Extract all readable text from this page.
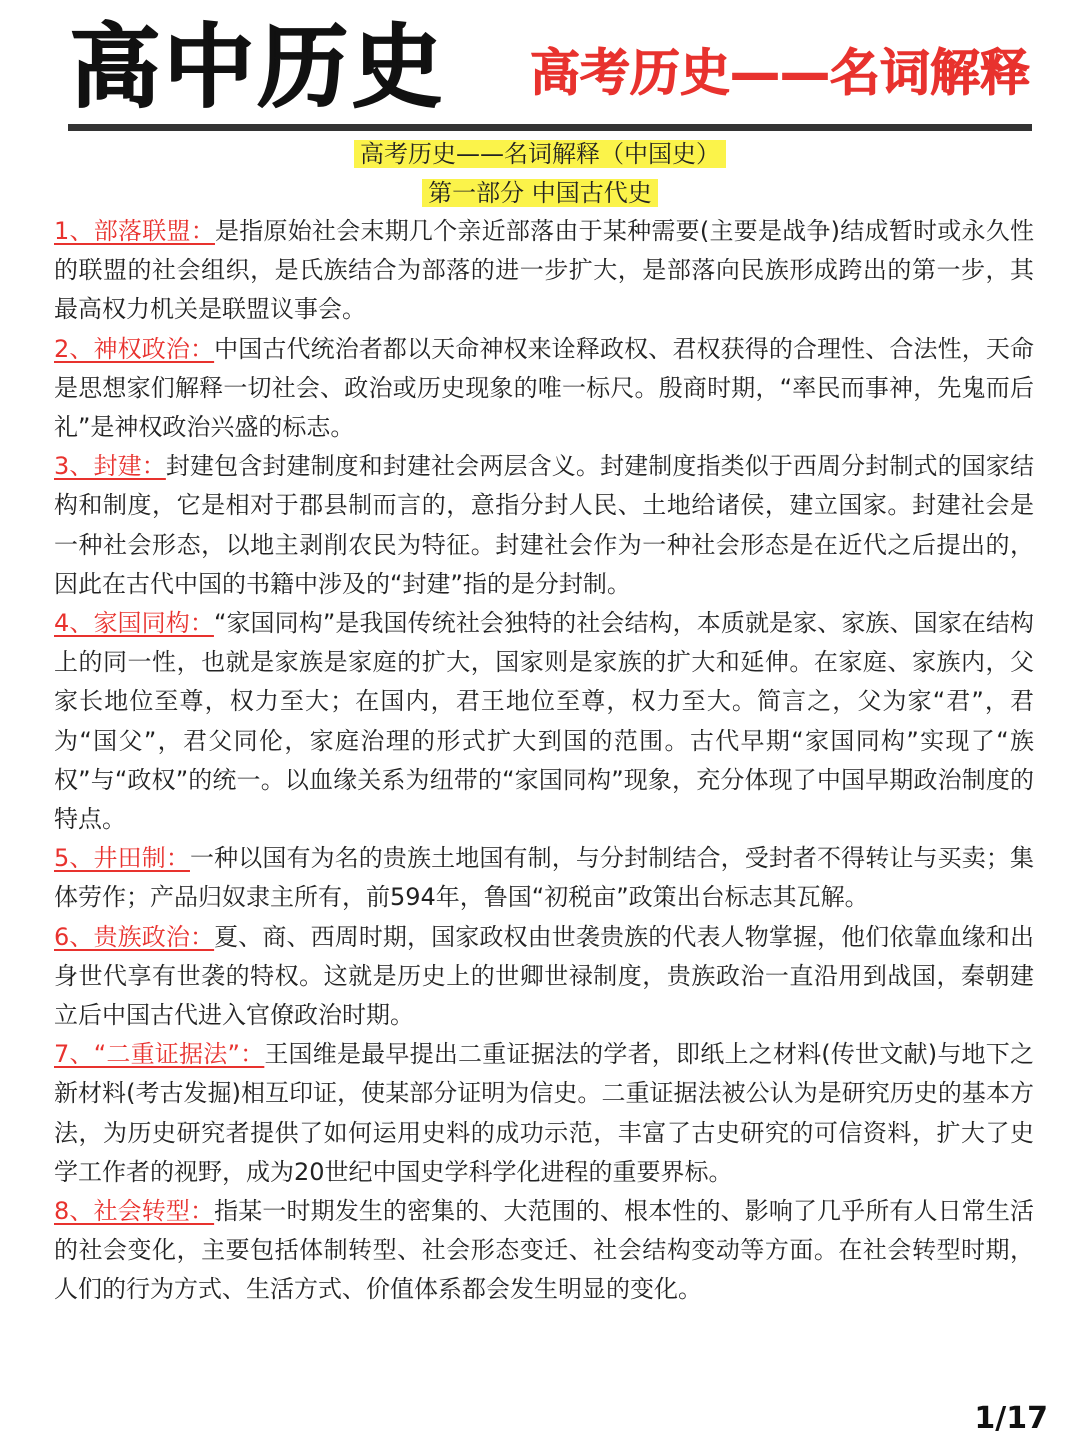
高中历史 高考历史——名词解释
高考历史——名词解释（中国史）
第一部分 中国古代史
1、部落联盟：是指原始社会末期几个亲近部落由于某种需要(主要是战争)结成暂时或永久性的联盟的社会组织，是氏族结合为部落的进一步扩大，是部落向民族形成跨出的第一步，其最高权力机关是联盟议事会。
2、神权政治：中国古代统治者都以天命神权来诠释政权、君权获得的合理性、合法性，天命是思想家们解释一切社会、政治或历史现象的唯一标尺。殷商时期，“率民而事神，先鬼而后礼”是神权政治兴盛的标志。
3、封建：封建包含封建制度和封建社会两层含义。封建制度指类似于西周分封制式的国家结构和制度，它是相对于郡县制而言的，意指分封人民、土地给诸侯，建立国家。封建社会是一种社会形态，以地主剥削农民为特征。封建社会作为一种社会形态是在近代之后提出的，因此在古代中国的书籍中涉及的“封建”指的是分封制。
4、家国同构：“家国同构”是我国传统社会独特的社会结构，本质就是家、家族、国家在结构上的同一性，也就是家族是家庭的扩大，国家则是家族的扩大和延伸。在家庭、家族内，父家长地位至尊，权力至大；在国内，君王地位至尊，权力至大。简言之，父为家“君”，君为“国父”，君父同伦，家庭治理的形式扩大到国的范围。古代早期“家国同构”实现了“族权”与“政权”的统一。以血缘关系为纽带的“家国同构”现象，充分体现了中国早期政治制度的特点。
5、井田制：一种以国有为名的贵族土地国有制，与分封制结合，受封者不得转让与买卖；集体劳作；产品归奴隶主所有，前594年，鲁国“初税亩”政策出台标志其瓦解。
6、贵族政治：夏、商、西周时期，国家政权由世袭贵族的代表人物掌握，他们依靠血缘和出身世代享有世袭的特权。这就是历史上的世卿世禄制度，贵族政治一直沿用到战国，秦朝建立后中国古代进入官僚政治时期。
7、“二重证据法”：王国维是最早提出二重证据法的学者，即纸上之材料(传世文献)与地下之新材料(考古发掘)相互印证，使某部分证明为信史。二重证据法被公认为是研究历史的基本方法，为历史研究者提供了如何运用史料的成功示范，丰富了古史研究的可信资料，扩大了史学工作者的视野，成为20世纪中国史学科学化进程的重要界标。
8、社会转型：指某一时期发生的密集的、大范围的、根本性的、影响了几乎所有人日常生活的社会变化，主要包括体制转型、社会形态变迁、社会结构变动等方面。在社会转型时期，人们的行为方式、生活方式、价值体系都会发生明显的变化。
1/17
